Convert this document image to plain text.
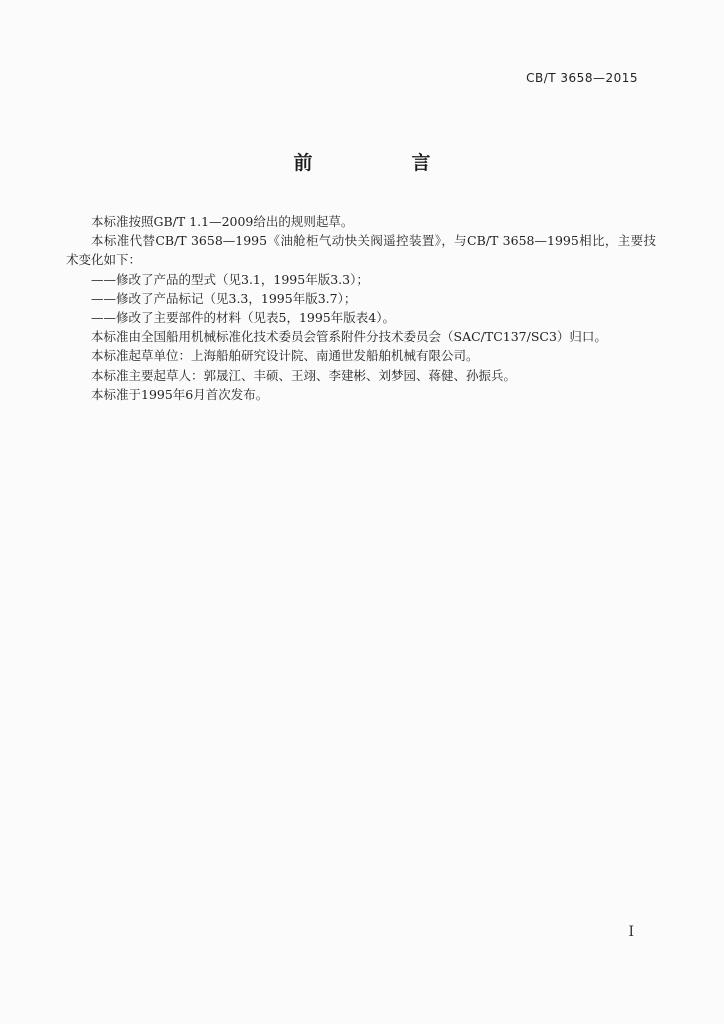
CB/T 3658—2015
前　言

本标准按照GB/T 1.1—2009给出的规则起草。

本标准代替CB/T 3658—1995《油舱柜气动快关阀遥控装置》，与CB/T 3658—1995相比，主要技术变化如下：

——修改了产品的型式（见3.1，1995年版3.3）；

——修改了产品标记（见3.3，1995年版3.7）；

——修改了主要部件的材料（见表5，1995年版表4）。

本标准由全国船用机械标准化技术委员会管系附件分技术委员会（SAC/TC137/SC3）归口。

本标准起草单位：上海船舶研究设计院、南通世发船舶机械有限公司。

本标准主要起草人：郭晟江、丰硕、王翊、李建彬、刘梦园、蒋健、孙振兵。

本标准于1995年6月首次发布。

I
